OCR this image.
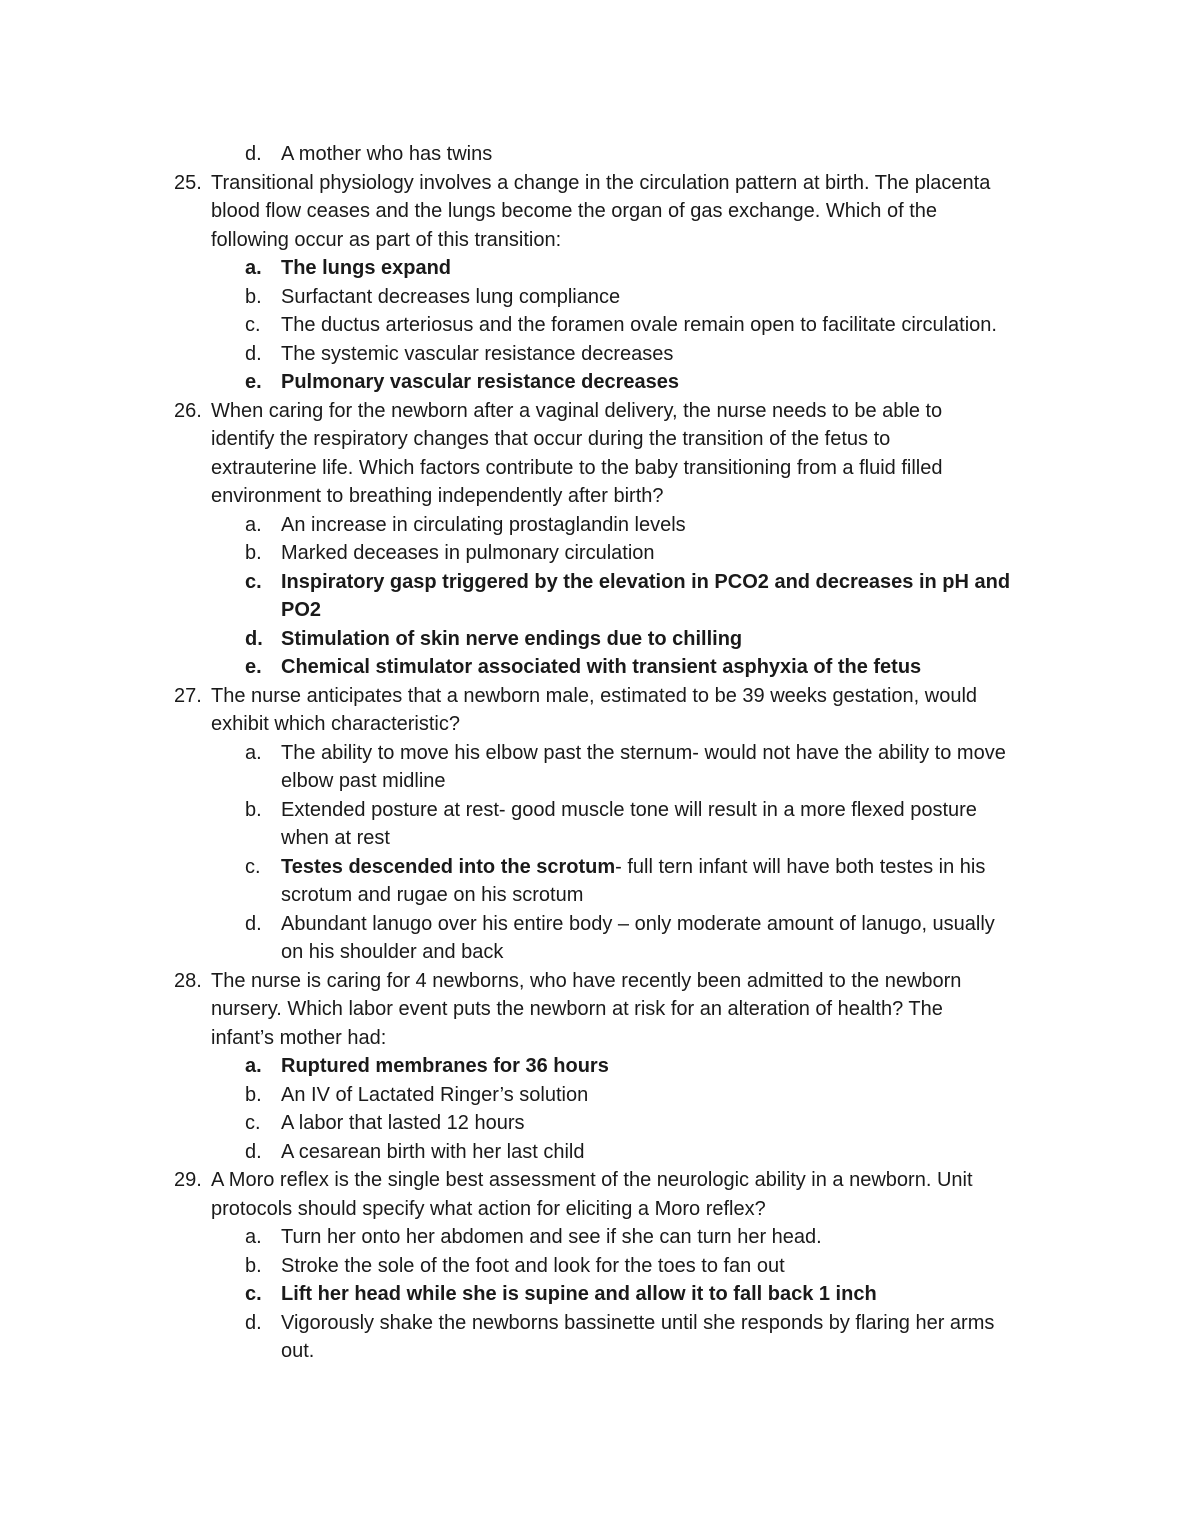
d. A mother who has twins
25. Transitional physiology involves a change in the circulation pattern at birth. The placenta
blood flow ceases and the lungs become the organ of gas exchange. Which of the
following occur as part of this transition:
a. The lungs expand
b. Surfactant decreases lung compliance
c.	The ductus arteriosus and the foramen ovale remain open to facilitate circulation.
d. The systemic vascular resistance decreases
e. Pulmonary vascular resistance decreases
26. When caring for the newborn after a vaginal delivery, the nurse needs to be able to
identify the respiratory changes that occur during the transition of the fetus to
extrauterine life. Which factors contribute to the baby transitioning from a fluid filled
environment to breathing independently after birth?
a. An increase in circulating prostaglandin levels
b. Marked deceases in pulmonary circulation
c. Inspiratory gasp triggered by the elevation in PCO2 and decreases in pH and
PO2
d. Stimulation of skin nerve endings due to chilling
e. Chemical stimulator associated with transient asphyxia of the fetus
27. The nurse anticipates that a newborn male, estimated to be 39 weeks gestation, would
exhibit which characteristic?
a. The ability to move his elbow past the sternum- would not have the ability to move
elbow past midline
b. Extended posture at rest- good muscle tone will result in a more flexed posture
when at rest
c.	Testes descended into the scrotum- full tern infant will have both testes in his
scrotum and rugae on his scrotum
d. Abundant lanugo over his entire body – only moderate amount of lanugo, usually
on his shoulder and back
28. The nurse is caring for 4 newborns, who have recently been admitted to the newborn
nursery. Which labor event puts the newborn at risk for an alteration of health? The
infant’s mother had:
a. Ruptured membranes for 36 hours
b. An IV of Lactated Ringer’s solution
c.	A labor that lasted 12 hours
d. A cesarean birth with her last child
29. A Moro reflex is the single best assessment of the neurologic ability in a newborn. Unit
protocols should specify what action for eliciting a Moro reflex?
a. Turn her onto her abdomen and see if she can turn her head.
b. Stroke the sole of the foot and look for the toes to fan out
c. Lift her head while she is supine and allow it to fall back 1 inch
d. Vigorously shake the newborns bassinette until she responds by flaring her arms
out.
